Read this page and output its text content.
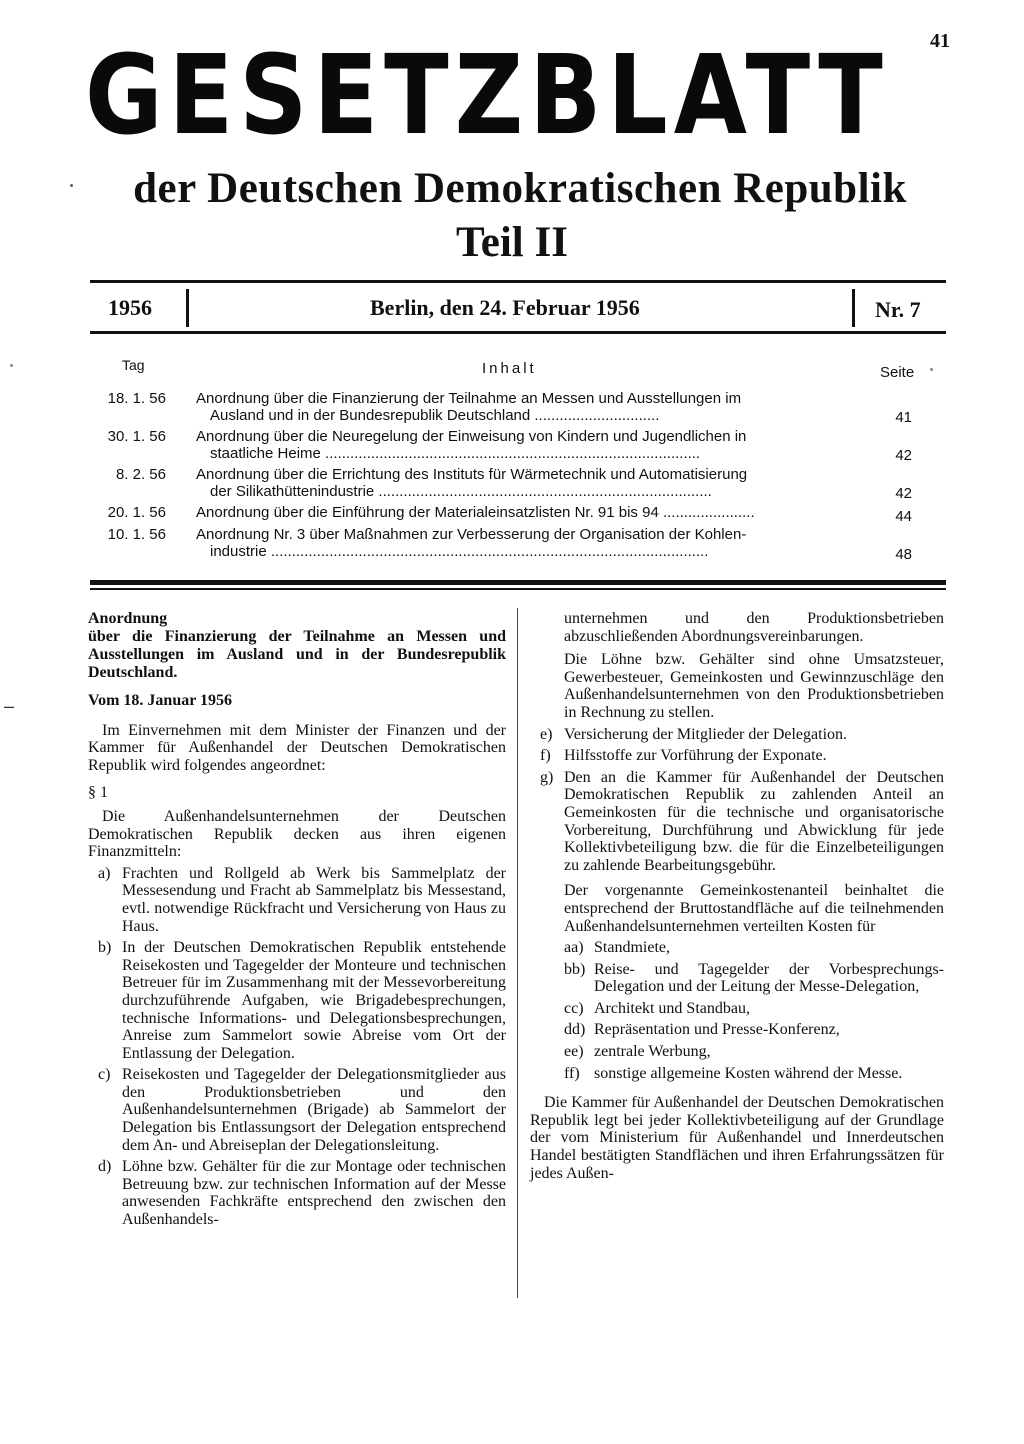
41
GESETZBLATT
der Deutschen Demokratischen Republik
Teil II
1956	Berlin, den 24. Februar 1956	Nr. 7
Tag	Inhalt	Seite
18. 1. 56 Anordnung über die Finanzierung der Teilnahme an Messen und Ausstellungen im
Ausland und in der Bundesrepublik Deutschland ..............................	41
30. 1. 56 Anordnung über die Neuregelung der Einweisung von Kindern und Jugendlichen in
staatliche Heime ..........................................................................................	42
8. 2. 56 Anordnung über die Errichtung des Instituts für Wärmetechnik und Automatisierung
der Silikathüttenindustrie ................................................................................	42
20. 1. 56 Anordnung über die Einführung der Materialeinsatzlisten Nr. 91 bis 94 ......................	44
10. 1. 56 Anordnung Nr. 3 über Maßnahmen zur Verbesserung der Organisation der Kohlen-
industrie .........................................................................................................	48

Anordnung
über die Finanzierung der Teilnahme an Messen und Ausstellungen im Ausland und in der Bundesrepublik Deutschland.

Vom 18. Januar 1956

Im Einvernehmen mit dem Minister der Finanzen und der Kammer für Außenhandel der Deutschen Demokratischen Republik wird folgendes angeordnet:

§ 1

Die Außenhandelsunternehmen der Deutschen Demokratischen Republik decken aus ihren eigenen Finanzmitteln:

a) Frachten und Rollgeld ab Werk bis Sammelplatz der Messesendung und Fracht ab Sammelplatz bis Messestand, evtl. notwendige Rückfracht und Versicherung von Haus zu Haus.

b) In der Deutschen Demokratischen Republik entstehende Reisekosten und Tagegelder der Monteure und technischen Betreuer für im Zusammenhang mit der Messevorbereitung durchzuführende Aufgaben, wie Brigadebesprechungen, technische Informations- und Delegationsbesprechungen, Anreise zum Sammelort sowie Abreise vom Ort der Entlassung der Delegation.

c) Reisekosten und Tagegelder der Delegationsmitglieder aus den Produktionsbetrieben und den Außenhandelsunternehmen (Brigade) ab Sammelort der Delegation bis Entlassungsort der Delegation entsprechend dem An- und Abreiseplan der Delegationsleitung.

d) Löhne bzw. Gehälter für die zur Montage oder technischen Betreuung bzw. zur technischen Information auf der Messe anwesenden Fachkräfte entsprechend den zwischen den Außenhandels-

unternehmen und den Produktionsbetrieben abzuschließenden Abordnungsvereinbarungen.

Die Löhne bzw. Gehälter sind ohne Umsatzsteuer, Gewerbesteuer, Gemeinkosten und Gewinnzuschläge den Außenhandelsunternehmen von den Produktionsbetrieben in Rechnung zu stellen.

e) Versicherung der Mitglieder der Delegation.

f) Hilfsstoffe zur Vorführung der Exponate.

g) Den an die Kammer für Außenhandel der Deutschen Demokratischen Republik zu zahlenden Anteil an Gemeinkosten für die technische und organisatorische Vorbereitung, Durchführung und Abwicklung für jede Kollektivbeteiligung bzw. die für die Einzelbeteiligungen zu zahlende Bearbeitungsgebühr.

Der vorgenannte Gemeinkostenanteil beinhaltet die entsprechend der Bruttostandfläche auf die teilnehmenden Außenhandelsunternehmen verteilten Kosten für

aa) Standmiete,

bb) Reise- und Tagegelder der Vorbesprechungs-Delegation und der Leitung der Messe-Delegation,

cc) Architekt und Standbau,

dd) Repräsentation und Presse-Konferenz,

ee) zentrale Werbung,

ff) sonstige allgemeine Kosten während der Messe.

Die Kammer für Außenhandel der Deutschen Demokratischen Republik legt bei jeder Kollektivbeteiligung auf der Grundlage der vom Ministerium für Außenhandel und Innerdeutschen Handel bestätigten Standflächen und ihren Erfahrungssätzen für jedes Außen-

–
